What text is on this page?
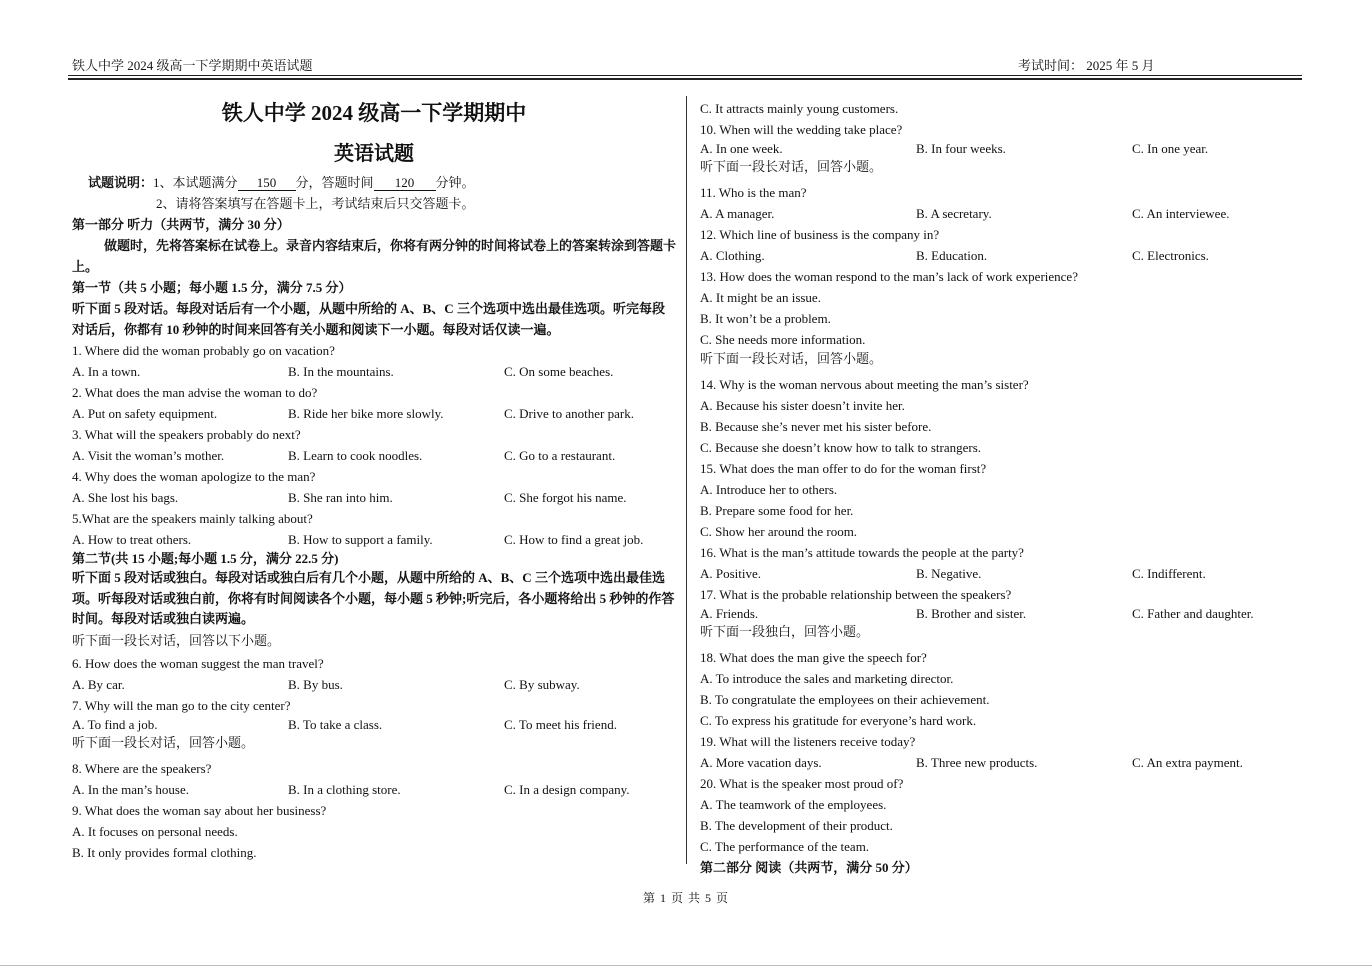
铁人中学 2024 级高一下学期期中英语试题	考试时间： 2025 年 5 月
铁人中学 2024 级高一下学期期中
英语试题
试题说明：1、本试题满分 150 分，答题时间 120 分钟。
2、请将答案填写在答题卡上，考试结束后只交答题卡。
第一部分 听力（共两节，满分 30 分）
做题时，先将答案标在试卷上。录音内容结束后，你将有两分钟的时间将试卷上的答案转涂到答题卡上。
第一节（共 5 小题；每小题 1.5 分，满分 7.5 分）
听下面 5 段对话。每段对话后有一个小题，从题中所给的 A、B、C 三个选项中选出最佳选项。听完每段对话后，你都有 10 秒钟的时间来回答有关小题和阅读下一小题。每段对话仅读一遍。
1. Where did the woman probably go on vacation?
A. In a town.	B. In the mountains.	C. On some beaches.
2. What does the man advise the woman to do?
A. Put on safety equipment.	B. Ride her bike more slowly.	C. Drive to another park.
3. What will the speakers probably do next?
A. Visit the woman’s mother.	B. Learn to cook noodles.	C. Go to a restaurant.
4. Why does the woman apologize to the man?
A. She lost his bags.	B. She ran into him.	C. She forgot his name.
5.What are the speakers mainly talking about?
A. How to treat others.	B. How to support a family.	C. How to find a great job.
第二节(共 15 小题;每小题 1.5 分，满分 22.5 分)
听下面 5 段对话或独白。每段对话或独白后有几个小题，从题中所给的 A、B、C 三个选项中选出最佳选项。听每段对话或独白前，你将有时间阅读各个小题，每小题 5 秒钟;听完后，各小题将给出 5 秒钟的作答时间。每段对话或独白读两遍。
听下面一段长对话，回答以下小题。
6. How does the woman suggest the man travel?
A. By car.	B. By bus.	C. By subway.
7. Why will the man go to the city center?
A. To find a job.	B. To take a class.	C. To meet his friend.
听下面一段长对话，回答小题。
8. Where are the speakers?
A. In the man’s house.	B. In a clothing store.	C. In a design company.
9. What does the woman say about her business?
A. It focuses on personal needs.
B. It only provides formal clothing.
C. It attracts mainly young customers.
10. When will the wedding take place?
A. In one week.	B. In four weeks.	C. In one year.
听下面一段长对话，回答小题。
11. Who is the man?
A. A manager.	B. A secretary.	C. An interviewee.
12. Which line of business is the company in?
A. Clothing.	B. Education.	C. Electronics.
13. How does the woman respond to the man’s lack of work experience?
A. It might be an issue.
B. It won’t be a problem.
C. She needs more information.
听下面一段长对话，回答小题。
14. Why is the woman nervous about meeting the man’s sister?
A. Because his sister doesn’t invite her.
B. Because she’s never met his sister before.
C. Because she doesn’t know how to talk to strangers.
15. What does the man offer to do for the woman first?
A. Introduce her to others.
B. Prepare some food for her.
C. Show her around the room.
16. What is the man’s attitude towards the people at the party?
A. Positive.	B. Negative.	C. Indifferent.
17. What is the probable relationship between the speakers?
A. Friends.	B. Brother and sister.	C. Father and daughter.
听下面一段独白，回答小题。
18. What does the man give the speech for?
A. To introduce the sales and marketing director.
B. To congratulate the employees on their achievement.
C. To express his gratitude for everyone’s hard work.
19. What will the listeners receive today?
A. More vacation days.	B. Three new products.	C. An extra payment.
20. What is the speaker most proud of?
A. The teamwork of the employees.
B. The development of their product.
C. The performance of the team.
第二部分 阅读（共两节，满分 50 分）
第 1 页 共 5 页
